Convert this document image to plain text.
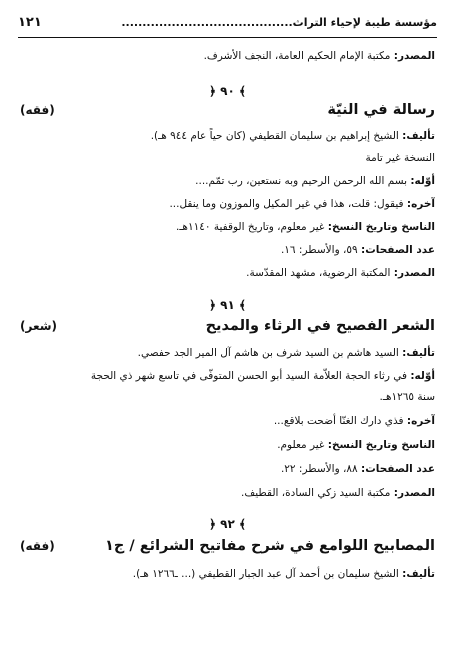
مؤسسة طيبة لإحياء التراث.........................................
١٢١
المصدر: مكتبة الإمام الحكيم العامة، النجف الأشرف.
﴿ ٩٠ ﴾
رسالة في النيّة
(فقه)
تأليف: الشيخ إبراهيم بن سليمان القطيفي (كان حياً عام ٩٤٤ هـ).
النسخة غير تامة
أوّله: بسم الله الرحمن الرحيم وبه نستعين، رب تمّم....
آخره: فيقول: قلت، هذا في غير المكيل والموزون وما ينقل...
الناسخ وتاريخ النسخ: غير معلوم، وتاريخ الوقفية ١١٤٠هـ.
عدد الصفحات: ٥٩، والأسطر: ١٦.
المصدر: المكتبة الرضوية، مشهد المقدّسة.
﴿ ٩١ ﴾
الشعر الفصيح في الرثاء والمديح
(شعر)
تأليف: السيد هاشم بن السيد شرف بن هاشم آل المير الجد حفصي.
أوّله: في رثاء الحجة العلاّمة السيد أبو الحسن المتوفّى في تاسع شهر ذي الحجة
سنة ١٢٦٥هـ.
آخره: فذي دارك الغنّا أضحت بلاقع...
الناسخ وتاريخ النسخ: غير معلوم.
عدد الصفحات: ٨٨، والأسطر: ٢٢.
المصدر: مكتبة السيد زكي السادة، القطيف.
﴿ ٩٢ ﴾
المصابيح اللوامع في شرح مفاتيح الشرائع / ج١
(فقه)
تأليف: الشيخ سليمان بن أحمد آل عبد الجبار القطيفي (... ـ١٢٦٦ هـ).
